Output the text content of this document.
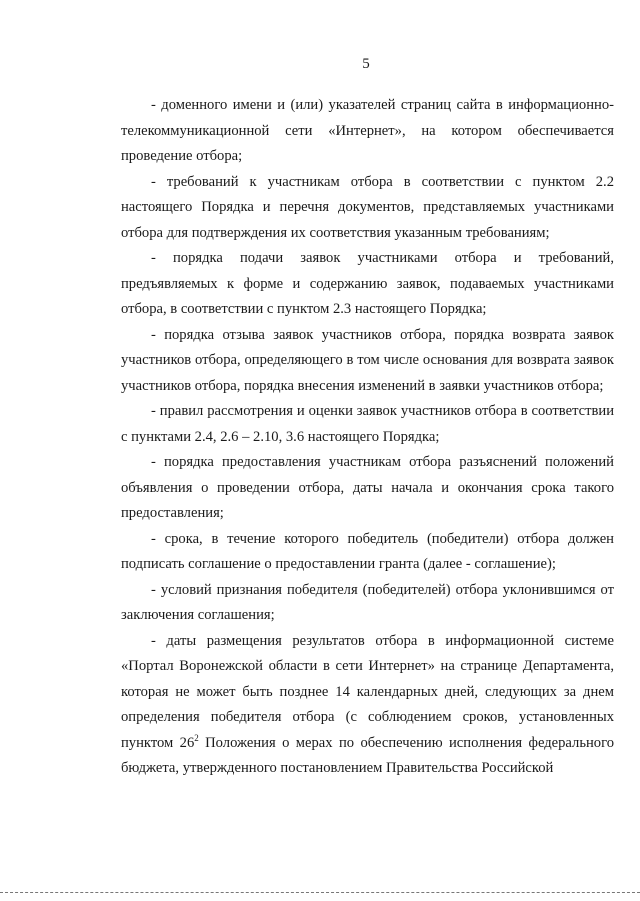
5

- доменного имени и (или) указателей страниц сайта в информационно-телекоммуникационной сети «Интернет», на котором обеспечивается проведение отбора;

- требований к участникам отбора в соответствии с пунктом 2.2 настоящего Порядка и перечня документов, представляемых участниками отбора для подтверждения их соответствия указанным требованиям;

- порядка подачи заявок участниками отбора и требований, предъявляемых к форме и содержанию заявок, подаваемых участниками отбора, в соответствии с пунктом 2.3 настоящего Порядка;

- порядка отзыва заявок участников отбора, порядка возврата заявок участников отбора, определяющего в том числе основания для возврата заявок участников отбора, порядка внесения изменений в заявки участников отбора;

- правил рассмотрения и оценки заявок участников отбора в соответствии с пунктами 2.4, 2.6 – 2.10, 3.6 настоящего Порядка;

- порядка предоставления участникам отбора разъяснений положений объявления о проведении отбора, даты начала и окончания срока такого предоставления;

- срока, в течение которого победитель (победители) отбора должен подписать соглашение о предоставлении гранта (далее - соглашение);

- условий признания победителя (победителей) отбора уклонившимся от заключения соглашения;

- даты размещения результатов отбора в информационной системе «Портал Воронежской области в сети Интернет» на странице Департамента, которая не может быть позднее 14 календарных дней, следующих за днем определения победителя отбора (с соблюдением сроков, установленных пунктом $26^2$ Положения о мерах по обеспечению исполнения федерального бюджета, утвержденного постановлением Правительства Российской
